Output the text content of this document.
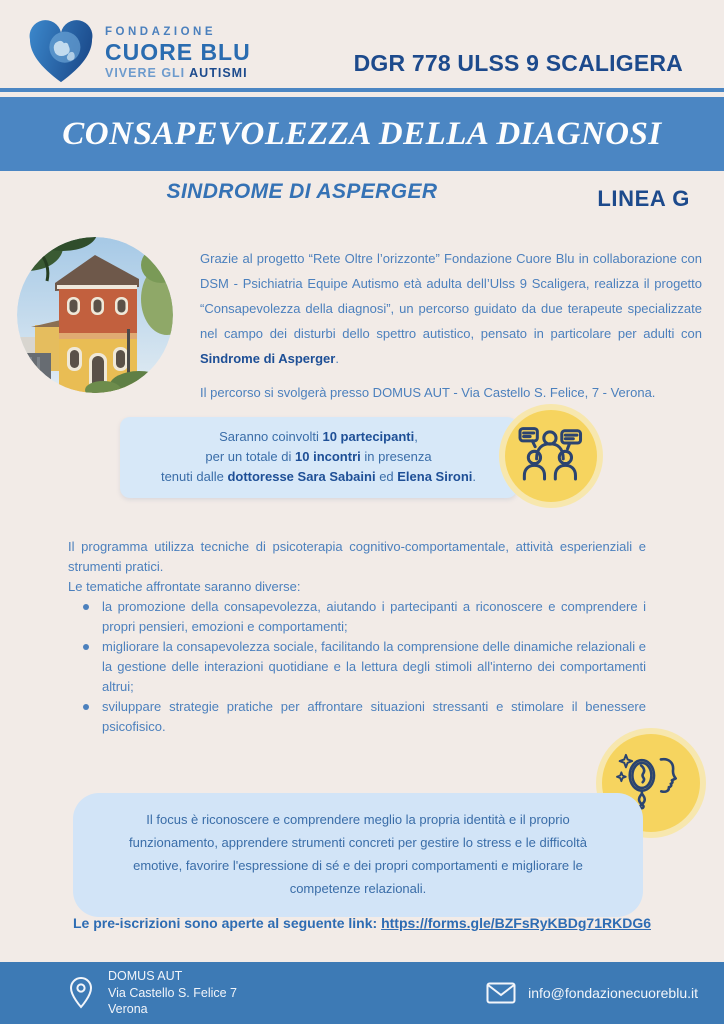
FONDAZIONE
CUORE BLU
VIVERE GLI AUTISMI	DGR 778 ULSS 9 SCALIGERA
CONSAPEVOLEZZA DELLA DIAGNOSI
SINDROME DI ASPERGER	LINEA G

Grazie al progetto “Rete Oltre l’orizzonte” Fondazione Cuore Blu in collaborazione con DSM - Psichiatria Equipe Autismo età adulta dell’Ulss 9 Scaligera, realizza il progetto “Consapevolezza della diagnosi”, un percorso guidato da due terapeute specializzate nel campo dei disturbi dello spettro autistico, pensato in particolare per adulti con Sindrome di Asperger.

Il percorso si svolgerà presso DOMUS AUT - Via Castello S. Felice, 7 - Verona.

Saranno coinvolti 10 partecipanti,
per un totale di 10 incontri in presenza
tenuti dalle dottoresse Sara Sabaini ed Elena Sironi.

Il programma utilizza tecniche di psicoterapia cognitivo-comportamentale, attività esperienziali e strumenti pratici.

Le tematiche affrontate saranno diverse:

la promozione della consapevolezza, aiutando i partecipanti a riconoscere e comprendere i propri pensieri, emozioni e comportamenti;
migliorare la consapevolezza sociale, facilitando la comprensione delle dinamiche relazionali e la gestione delle interazioni quotidiane e la lettura degli stimoli all'interno dei comportamenti altrui;
sviluppare strategie pratiche per affrontare situazioni stressanti e stimolare il benessere psicofisico.
Il focus è riconoscere e comprendere meglio la propria identità e il proprio funzionamento, apprendere strumenti concreti per gestire lo stress e le difficoltà emotive, favorire l'espressione di sé e dei propri comportamenti e migliorare le competenze relazionali.
Le pre-iscrizioni sono aperte al seguente link: https://forms.gle/BZFsRyKBDg71RKDG6
DOMUS AUT
Via Castello S. Felice 7
Verona
info@fondazionecuoreblu.it
